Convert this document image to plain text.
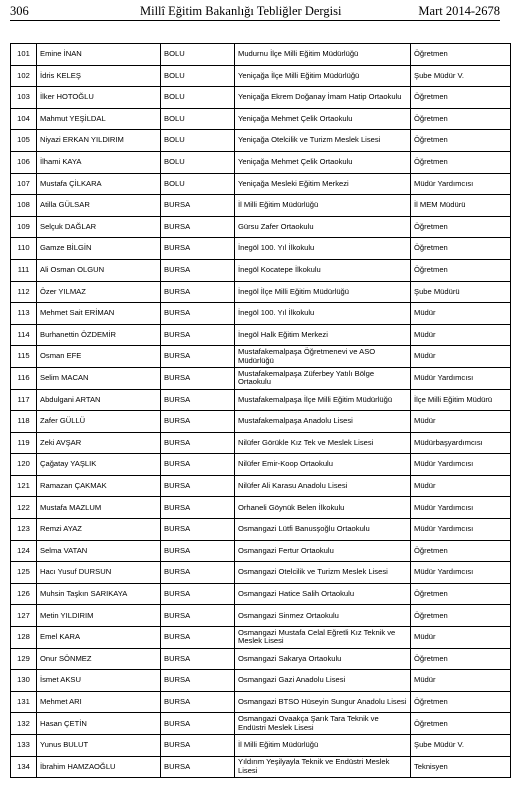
306	Millî Eğitim Bakanlığı Tebliğler Dergisi	Mart 2014-2678
101	Emine İNAN	BOLU	Mudurnu İlçe Milli Eğitim Müdürlüğü	Öğretmen
102	İdris KELEŞ	BOLU	Yeniçağa İlçe Milli Eğitim Müdürlüğü	Şube Müdür V.
103	İlker HOTOĞLU	BOLU	Yeniçağa Ekrem Doğanay İmam Hatip Ortaokulu	Öğretmen
104	Mahmut YEŞİLDAL	BOLU	Yeniçağa Mehmet Çelik Ortaokulu	Öğretmen
105	Niyazi ERKAN YILDIRIM	BOLU	Yeniçağa Otelcilik ve Turizm Meslek Lisesi	Öğretmen
106	İlhami KAYA	BOLU	Yeniçağa Mehmet Çelik Ortaokulu	Öğretmen
107	Mustafa ÇİLKARA	BOLU	Yeniçağa Mesleki Eğitim Merkezi	Müdür Yardımcısı
108	Atilla GÜLSAR	BURSA	İl Milli Eğitim Müdürlüğü	İl MEM Müdürü
109	Selçuk DAĞLAR	BURSA	Gürsu Zafer Ortaokulu	Öğretmen
110	Gamze BİLGİN	BURSA	İnegöl 100. Yıl İlkokulu	Öğretmen
111	Ali Osman OLGUN	BURSA	İnegöl Kocatepe İlkokulu	Öğretmen
112	Özer YILMAZ	BURSA	İnegöl İlçe Milli Eğitim Müdürlüğü	Şube Müdürü
113	Mehmet Sait ERİMAN	BURSA	İnegöl 100. Yıl İlkokulu	Müdür
114	Burhanettin ÖZDEMİR	BURSA	İnegöl Halk Eğitim Merkezi	Müdür
115	Osman EFE	BURSA	Mustafakemalpaşa Öğretmenevi ve ASO Müdürlüğü	Müdür
116	Selim MACAN	BURSA	Mustafakemalpaşa Züferbey Yatılı Bölge Ortaokulu	Müdür Yardımcısı
117	Abdulgani ARTAN	BURSA	Mustafakemalpaşa İlçe Milli Eğitim Müdürlüğü	İlçe Milli Eğitim Müdürü
118	Zafer GÜLLÜ	BURSA	Mustafakemalpaşa Anadolu Lisesi	Müdür
119	Zeki AVŞAR	BURSA	Nilüfer Görükle Kız Tek ve Meslek Lisesi	Müdürbaşyardımcısı
120	Çağatay YAŞLIK	BURSA	Nilüfer Emir-Koop Ortaokulu	Müdür Yardımcısı
121	Ramazan ÇAKMAK	BURSA	Nilüfer Ali Karasu Anadolu Lisesi	Müdür
122	Mustafa MAZLUM	BURSA	Orhaneli Göynük Belen İlkokulu	Müdür Yardımcısı
123	Remzi AYAZ	BURSA	Osmangazi Lütfi Banusşoğlu Ortaokulu	Müdür Yardımcısı
124	Selma VATAN	BURSA	Osmangazi Fertur Ortaokulu	Öğretmen
125	Hacı Yusuf DURSUN	BURSA	Osmangazi Otelcilik ve Turizm Meslek Lisesi	Müdür Yardımcısı
126	Muhsin Taşkın SARIKAYA	BURSA	Osmangazi Hatice Salih Ortaokulu	Öğretmen
127	Metin YILDIRIM	BURSA	Osmangazi Sinmez Ortaokulu	Öğretmen
128	Emel KARA	BURSA	Osmangazi Mustafa Celal Eğretli Kız Teknik ve Meslek Lisesi	Müdür
129	Onur SÖNMEZ	BURSA	Osmangazi Sakarya Ortaokulu	Öğretmen
130	İsmet AKSU	BURSA	Osmangazi Gazi Anadolu Lisesi	Müdür
131	Mehmet ARI	BURSA	Osmangazi BTSO Hüseyin Sungur Anadolu Lisesi	Öğretmen
132	Hasan ÇETİN	BURSA	Osmangazi Ovaakça Şarık Tara Teknik ve Endüstri Meslek Lisesi	Öğretmen
133	Yunus BULUT	BURSA	İl Milli Eğitim Müdürlüğü	Şube Müdür V.
134	İbrahim HAMZAOĞLU	BURSA	Yıldırım Yeşilyayla Teknik ve Endüstri Meslek Lisesi	Teknisyen
